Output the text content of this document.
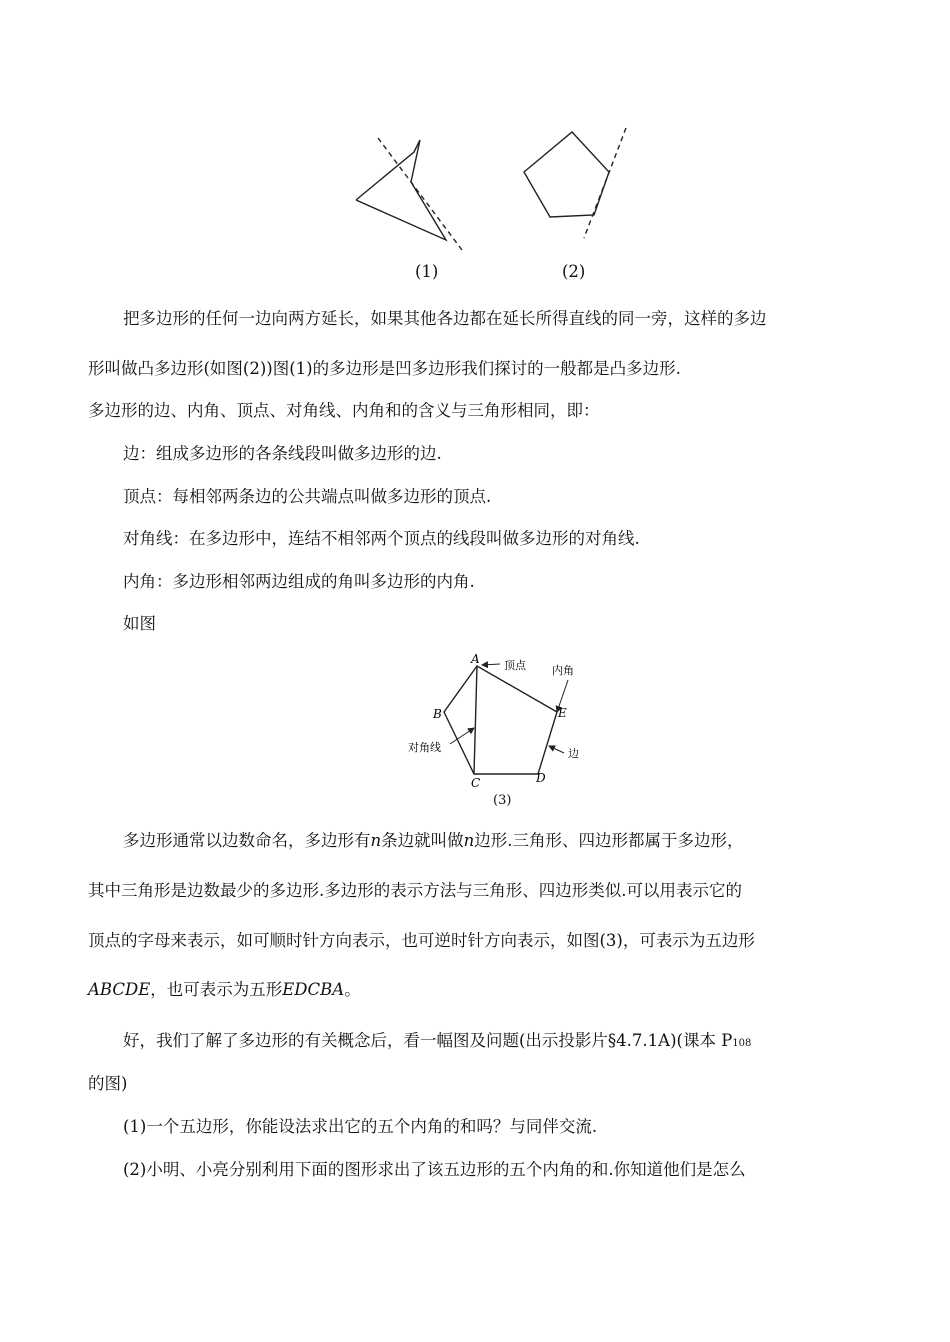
(1)	(2)
把多边形的任何一边向两方延长，如果其他各边都在延长所得直线的同一旁，这样的多边
形叫做凸多边形(如图(2))图(1)的多边形是凹多边形我们探讨的一般都是凸多边形.
多边形的边、内角、顶点、对角线、内角和的含义与三角形相同，即：
边：组成多边形的各条线段叫做多边形的边.
顶点：每相邻两条边的公共端点叫做多边形的顶点.
对角线：在多边形中，连结不相邻两个顶点的线段叫做多边形的对角线.
内角：多边形相邻两边组成的角叫多边形的内角.
如图
A
B
C	D
E
顶点 内角
对角线	边
(3)
多边形通常以边数命名，多边形有n条边就叫做n边形.三角形、四边形都属于多边形，
其中三角形是边数最少的多边形.多边形的表示方法与三角形、四边形类似.可以用表示它的
顶点的字母来表示，如可顺时针方向表示，也可逆时针方向表示，如图(3)，可表示为五边形
ABCDE，也可表示为五形EDCBA。
好，我们了解了多边形的有关概念后，看一幅图及问题(出示投影片§4.7.1A)(课本 P108
的图)
(1)一个五边形，你能设法求出它的五个内角的和吗？与同伴交流.
(2)小明、小亮分别利用下面的图形求出了该五边形的五个内角的和.你知道他们是怎么
